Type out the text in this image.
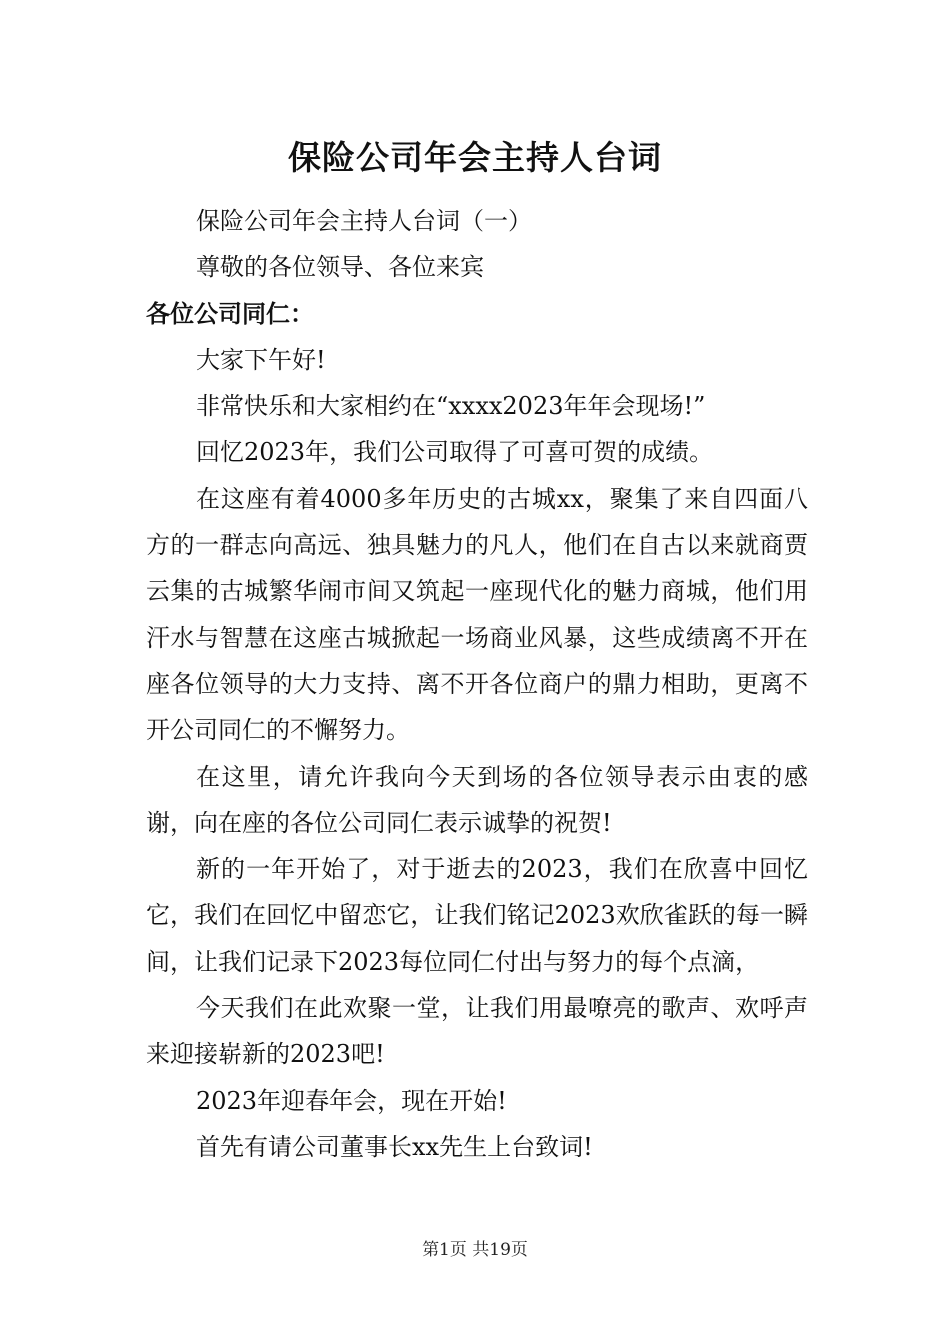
保险公司年会主持人台词

保险公司年会主持人台词（一）

尊敬的各位领导、各位来宾

各位公司同仁：

大家下午好!

非常快乐和大家相约在“xxxx2023年年会现场!”

回忆2023年，我们公司取得了可喜可贺的成绩。

在这座有着4000多年历史的古城xx，聚集了来自四面八方的一群志向高远、独具魅力的凡人，他们在自古以来就商贾云集的古城繁华闹市间又筑起一座现代化的魅力商城，他们用汗水与智慧在这座古城掀起一场商业风暴，这些成绩离不开在座各位领导的大力支持、离不开各位商户的鼎力相助，更离不开公司同仁的不懈努力。

在这里，请允许我向今天到场的各位领导表示由衷的感谢，向在座的各位公司同仁表示诚挚的祝贺!

新的一年开始了，对于逝去的2023，我们在欣喜中回忆它，我们在回忆中留恋它，让我们铭记2023欢欣雀跃的每一瞬间，让我们记录下2023每位同仁付出与努力的每个点滴，

今天我们在此欢聚一堂，让我们用最嘹亮的歌声、欢呼声来迎接崭新的2023吧!

2023年迎春年会，现在开始!

首先有请公司董事长xx先生上台致词!

第1页 共19页
